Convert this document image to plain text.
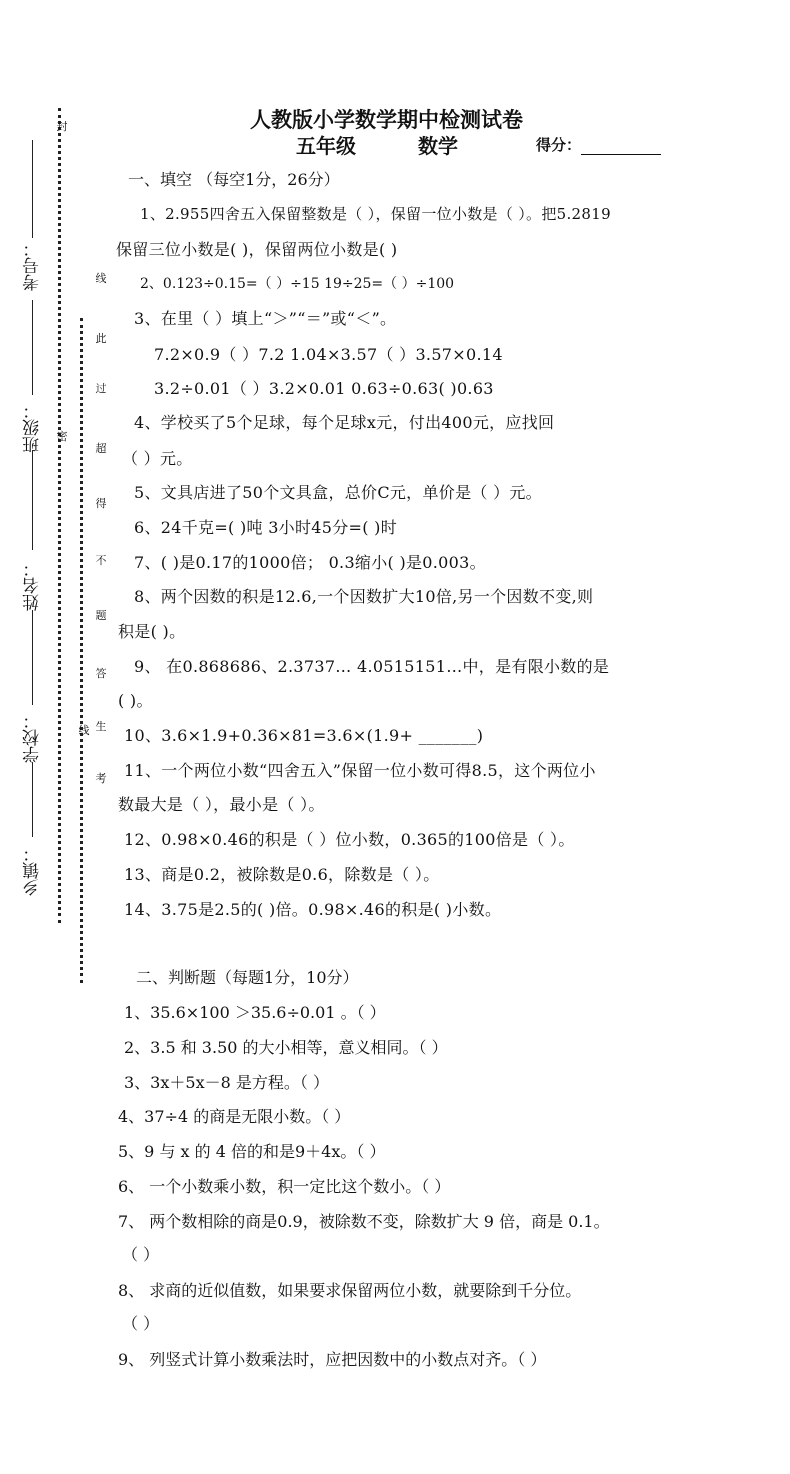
考号：
班级：
姓名：
学校：
乡镇：
封
密
线
线
此
过
超
得
不
题
答
生
考
人教版小学数学期中检测试卷
五年级	数学	得分：
一、填空 （每空1分，26分）
1、2.955四舍五入保留整数是（ ），保留一位小数是（ ）。把5.2819
保留三位小数是( )，保留两位小数是( )
2、0.123÷0.15=（ ）÷15 19÷25=（ ）÷100
3、在里（ ）填上“＞”“＝”或“＜”。
7.2×0.9（ ）7.2 1.04×3.57（ ）3.57×0.14
3.2÷0.01（ ）3.2×0.01 0.63÷0.63( )0.63
4、学校买了5个足球，每个足球x元，付出400元，应找回
（ ）元。
5、文具店进了50个文具盒，总价C元，单价是（ ）元。
6、24千克=( )吨 3小时45分=( )时
7、( )是0.17的1000倍； 0.3缩小( )是0.003。
8、两个因数的积是12.6,一个因数扩大10倍,另一个因数不变,则
积是( )。
9、 在0.868686、2.3737… 4.0515151…中，是有限小数的是
( )。
10、3.6×1.9+0.36×81=3.6×(1.9+ _______)
11、一个两位小数“四舍五入”保留一位小数可得8.5，这个两位小
数最大是（ ），最小是（ ）。
12、0.98×0.46的积是（ ）位小数，0.365的100倍是（ ）。
13、商是0.2，被除数是0.6，除数是（ ）。
14、3.75是2.5的( )倍。0.98×.46的积是( )小数。
二、判断题（每题1分，10分）
1、35.6×100 ＞35.6÷0.01 。（ ）
2、3.5 和 3.50 的大小相等，意义相同。（ ）
3、3x＋5x－8 是方程。（ ）
4、37÷4 的商是无限小数。（ ）
5、9 与 x 的 4 倍的和是9＋4x。（ ）
6、 一个小数乘小数，积一定比这个数小。（ ）
7、 两个数相除的商是0.9，被除数不变，除数扩大 9 倍，商是 0.1。
（ ）
8、 求商的近似值数，如果要求保留两位小数，就要除到千分位。
（ ）
9、 列竖式计算小数乘法时，应把因数中的小数点对齐。（ ）
